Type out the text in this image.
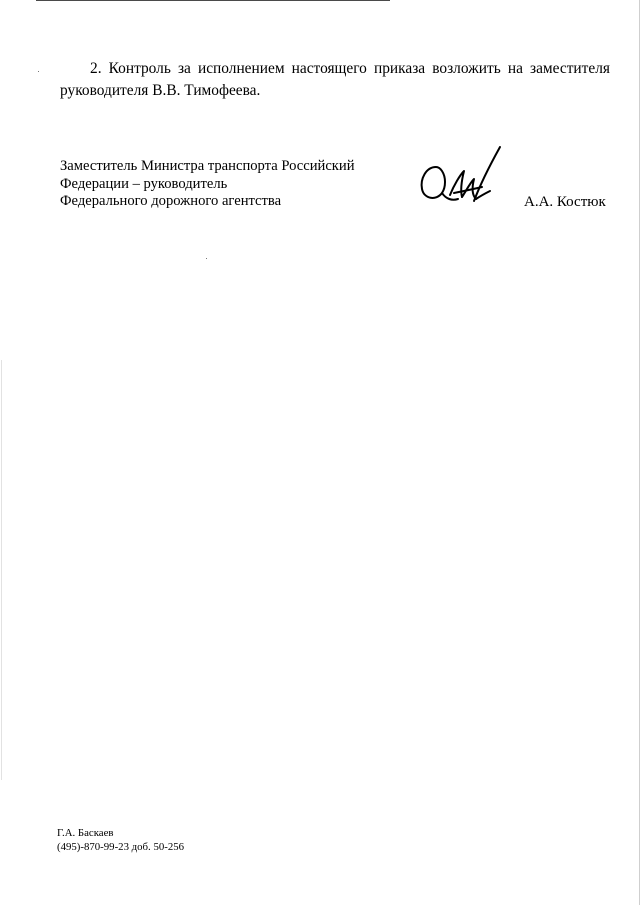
2. Контроль за исполнением настоящего приказа возложить на заместителя
руководителя В.В. Тимофеева.
Заместитель Министра транспорта Российский
Федерации – руководитель
Федерального дорожного агентства	А.А. Костюк
Г.А. Баскаев
(495)-870-99-23 доб. 50-256
